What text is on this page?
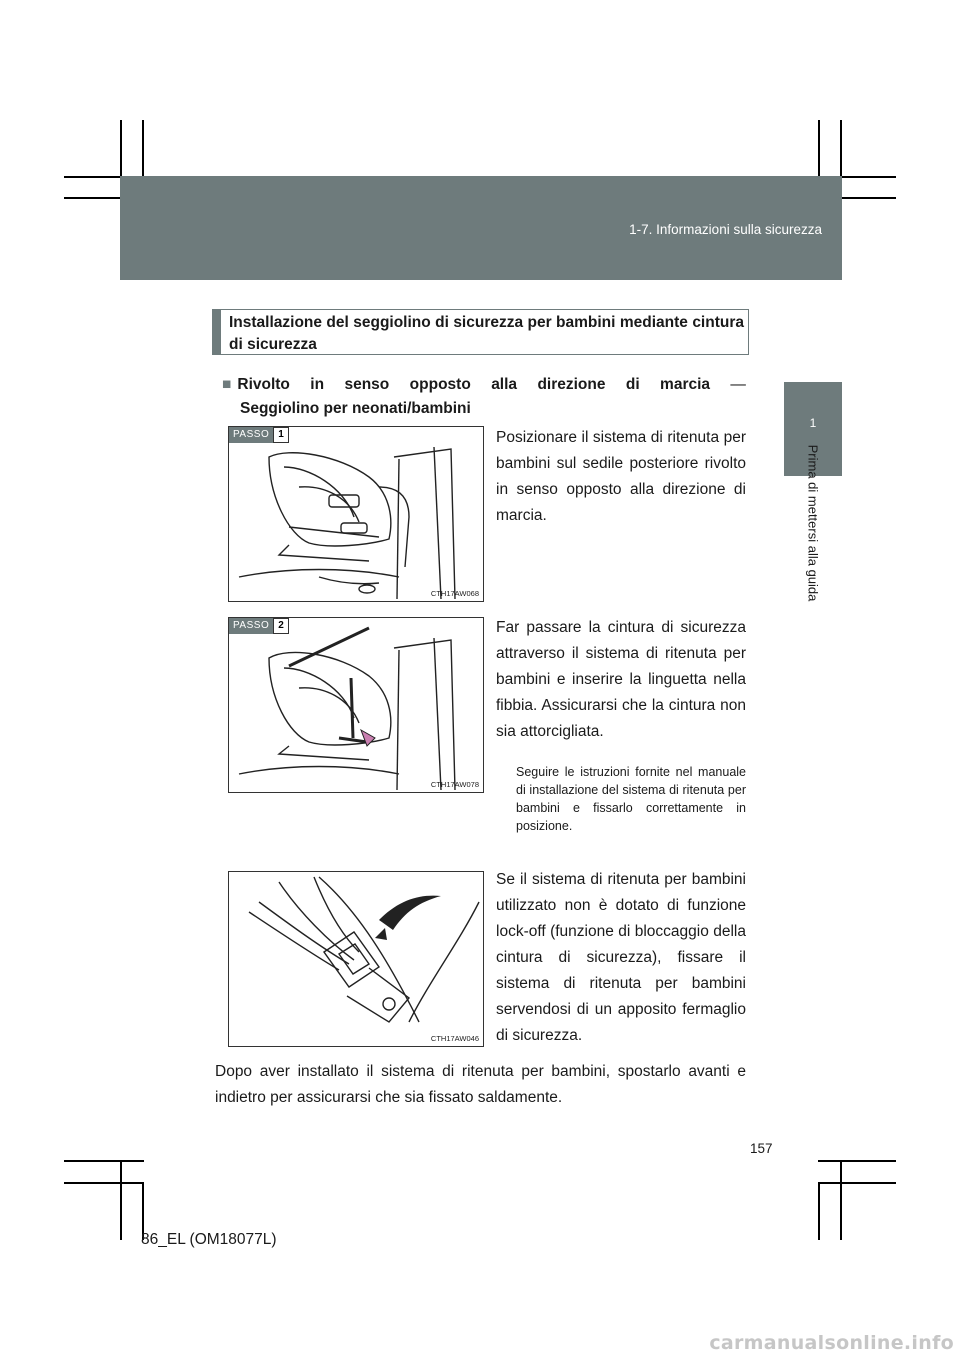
1-7. Informazioni sulla sicurezza
1
Prima di mettersi alla guida
Installazione del seggiolino di sicurezza per bambini mediante cintura di sicurezza
■ Rivolto in senso opposto alla direzione di marcia —
Seggiolino per neonati/bambini
PASSO 1
CTH17AW068
Posizionare il sistema di ritenuta per bambini sul sedile posteriore rivolto in senso opposto alla direzione di marcia.
PASSO 2
CTH17AW078
Far passare la cintura di sicurezza attraverso il sistema di ritenuta per bambini e inserire la linguetta nella fibbia. Assicurarsi che la cintura non sia attorcigliata.
Seguire le istruzioni fornite nel manuale di installazione del sistema di ritenuta per bambini e fissarlo correttamente in posizione.
CTH17AW046
Se il sistema di ritenuta per bambini utilizzato non è dotato di funzione lock-off (funzione di bloccaggio della cintura di sicurezza), fissare il sistema di ritenuta per bambini servendosi di un apposito fermaglio di sicurezza.
Dopo aver installato il sistema di ritenuta per bambini, spostarlo avanti e indietro per assicurarsi che sia fissato saldamente.
157
86_EL (OM18077L)
carmanualsonline.info
